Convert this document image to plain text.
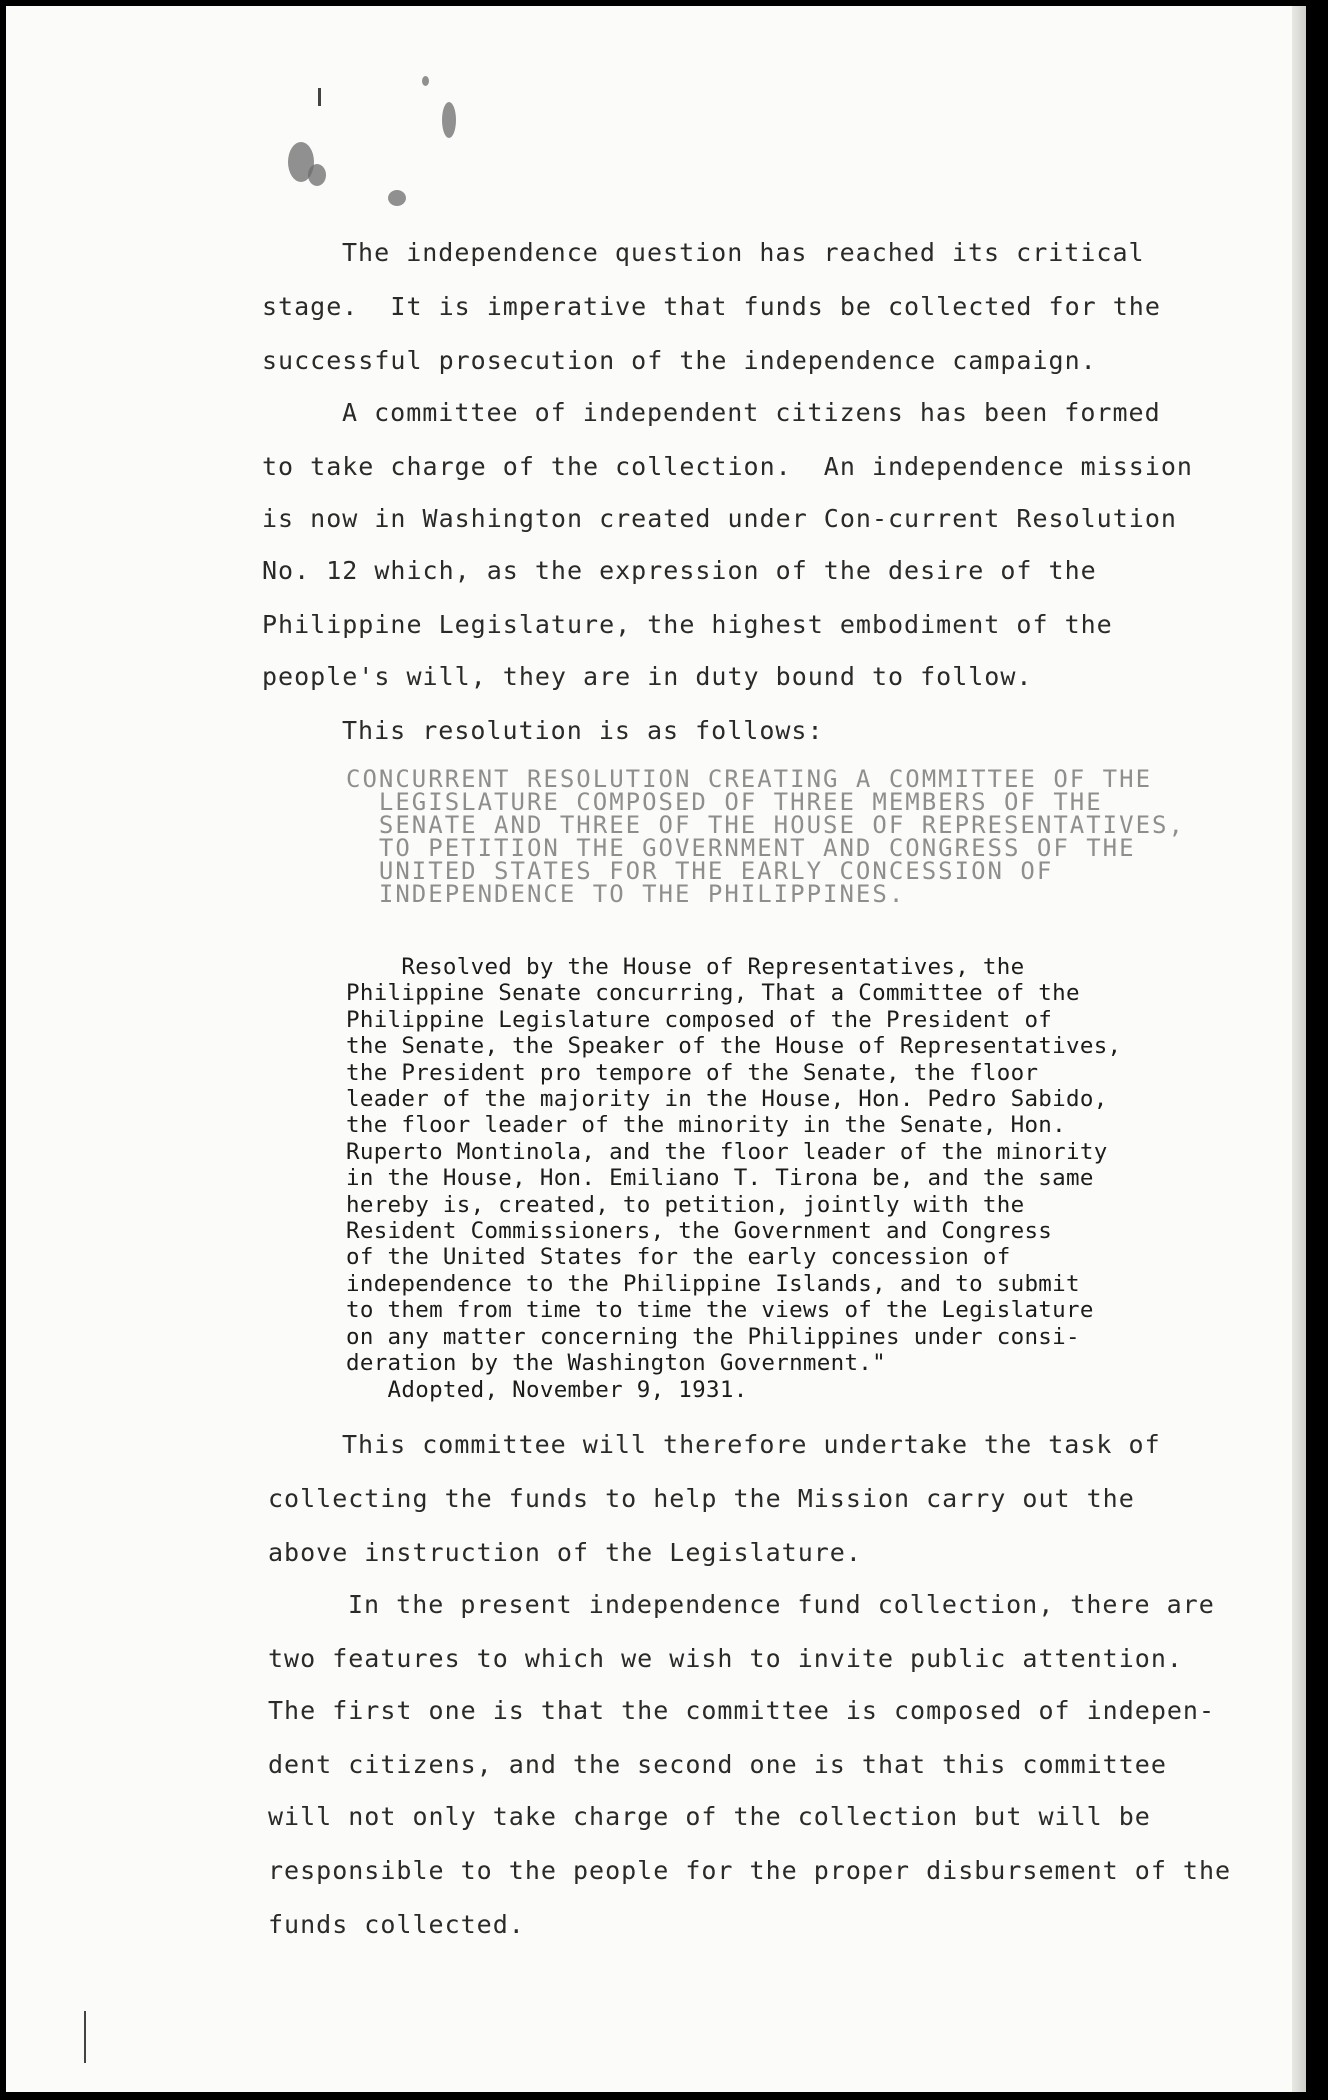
The independence question has reached its critical
stage.  It is imperative that funds be collected for the
successful prosecution of the independence campaign.
A committee of independent citizens has been formed
to take charge of the collection.  An independence mission
is now in Washington created under Con-current Resolution
No. 12 which, as the expression of the desire of the
Philippine Legislature, the highest embodiment of the
people's will, they are in duty bound to follow.
This resolution is as follows:
CONCURRENT RESOLUTION CREATING A COMMITTEE OF THE
LEGISLATURE COMPOSED OF THREE MEMBERS OF THE
SENATE AND THREE OF THE HOUSE OF REPRESENTATIVES,
TO PETITION THE GOVERNMENT AND CONGRESS OF THE
UNITED STATES FOR THE EARLY CONCESSION OF
INDEPENDENCE TO THE PHILIPPINES.
Resolved by the House of Representatives, the
Philippine Senate concurring, That a Committee of the
Philippine Legislature composed of the President of
the Senate, the Speaker of the House of Representatives,
the President pro tempore of the Senate, the floor
leader of the majority in the House, Hon. Pedro Sabido,
the floor leader of the minority in the Senate, Hon.
Ruperto Montinola, and the floor leader of the minority
in the House, Hon. Emiliano T. Tirona be, and the same
hereby is, created, to petition, jointly with the
Resident Commissioners, the Government and Congress
of the United States for the early concession of
independence to the Philippine Islands, and to submit
to them from time to time the views of the Legislature
on any matter concerning the Philippines under consi-
deration by the Washington Government."
Adopted, November 9, 1931.
This committee will therefore undertake the task of
collecting the funds to help the Mission carry out the
above instruction of the Legislature.
In the present independence fund collection, there are
two features to which we wish to invite public attention.
The first one is that the committee is composed of indepen-
dent citizens, and the second one is that this committee
will not only take charge of the collection but will be
responsible to the people for the proper disbursement of the
funds collected.
